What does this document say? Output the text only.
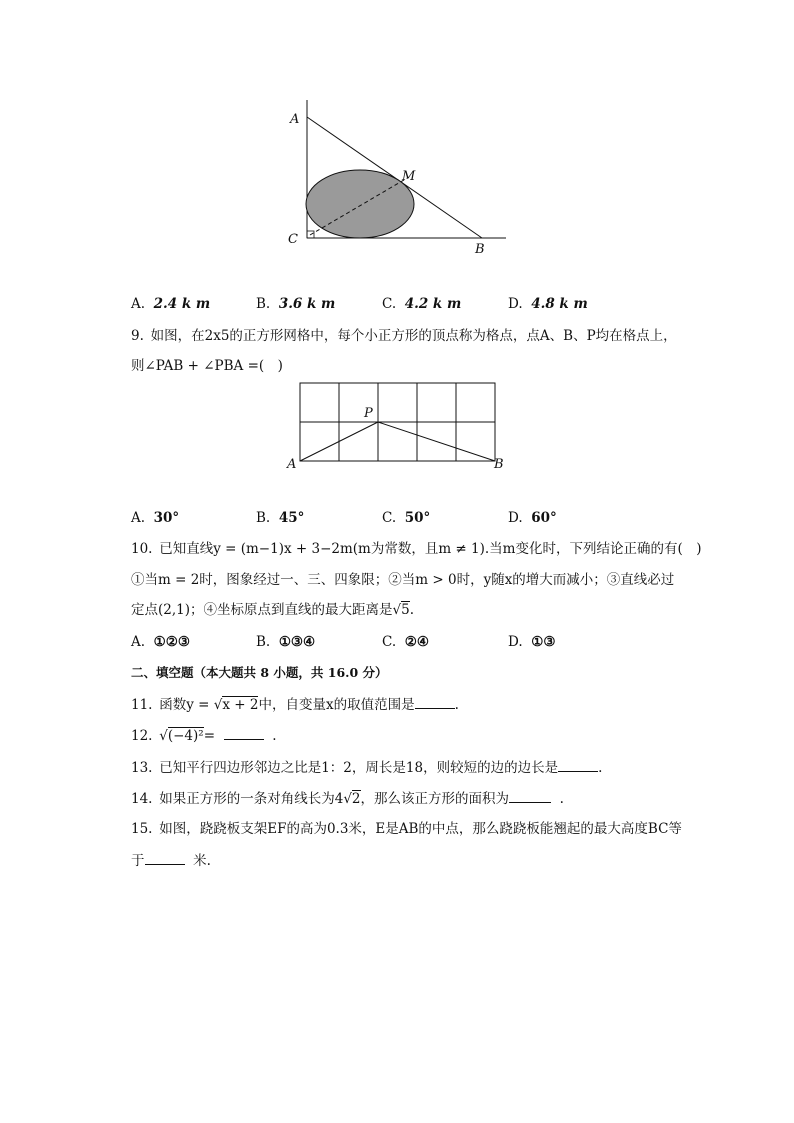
A
M
C
B
A. 2.4 k m	B. 3.6 k m	C. 4.2 k m	D. 4.8 k m
9. 如图，在2x5的正方形网格中，每个小正方形的顶点称为格点，点A、B、P均在格点上，
则∠PAB + ∠PBA =( )
P
A	B
A. 30°	B. 45°	C. 50°	D. 60°
10. 已知直线y = (m−1)x + 3−2m(m为常数，且m ≠ 1).当m变化时，下列结论正确的有( )
①当m = 2时，图象经过一、三、四象限；②当m > 0时，y随x的增大而减小；③直线必过
定点(2,1)；④坐标原点到直线的最大距离是√5.
A. ①②③	B. ①③④	C. ②④	D. ①③
二、填空题（本大题共 8 小题，共 16.0 分）
11. 函数y = √x + 2中，自变量x的取值范围是	.
12. √(−4)²=	.
13. 已知平行四边形邻边之比是1：2，周长是18，则较短的边的边长是	.
14. 如果正方形的一条对角线长为4√2，那么该正方形的面积为	.
15. 如图，跷跷板支架EF的高为0.3米，E是AB的中点，那么跷跷板能翘起的最大高度BC等
于	米.
